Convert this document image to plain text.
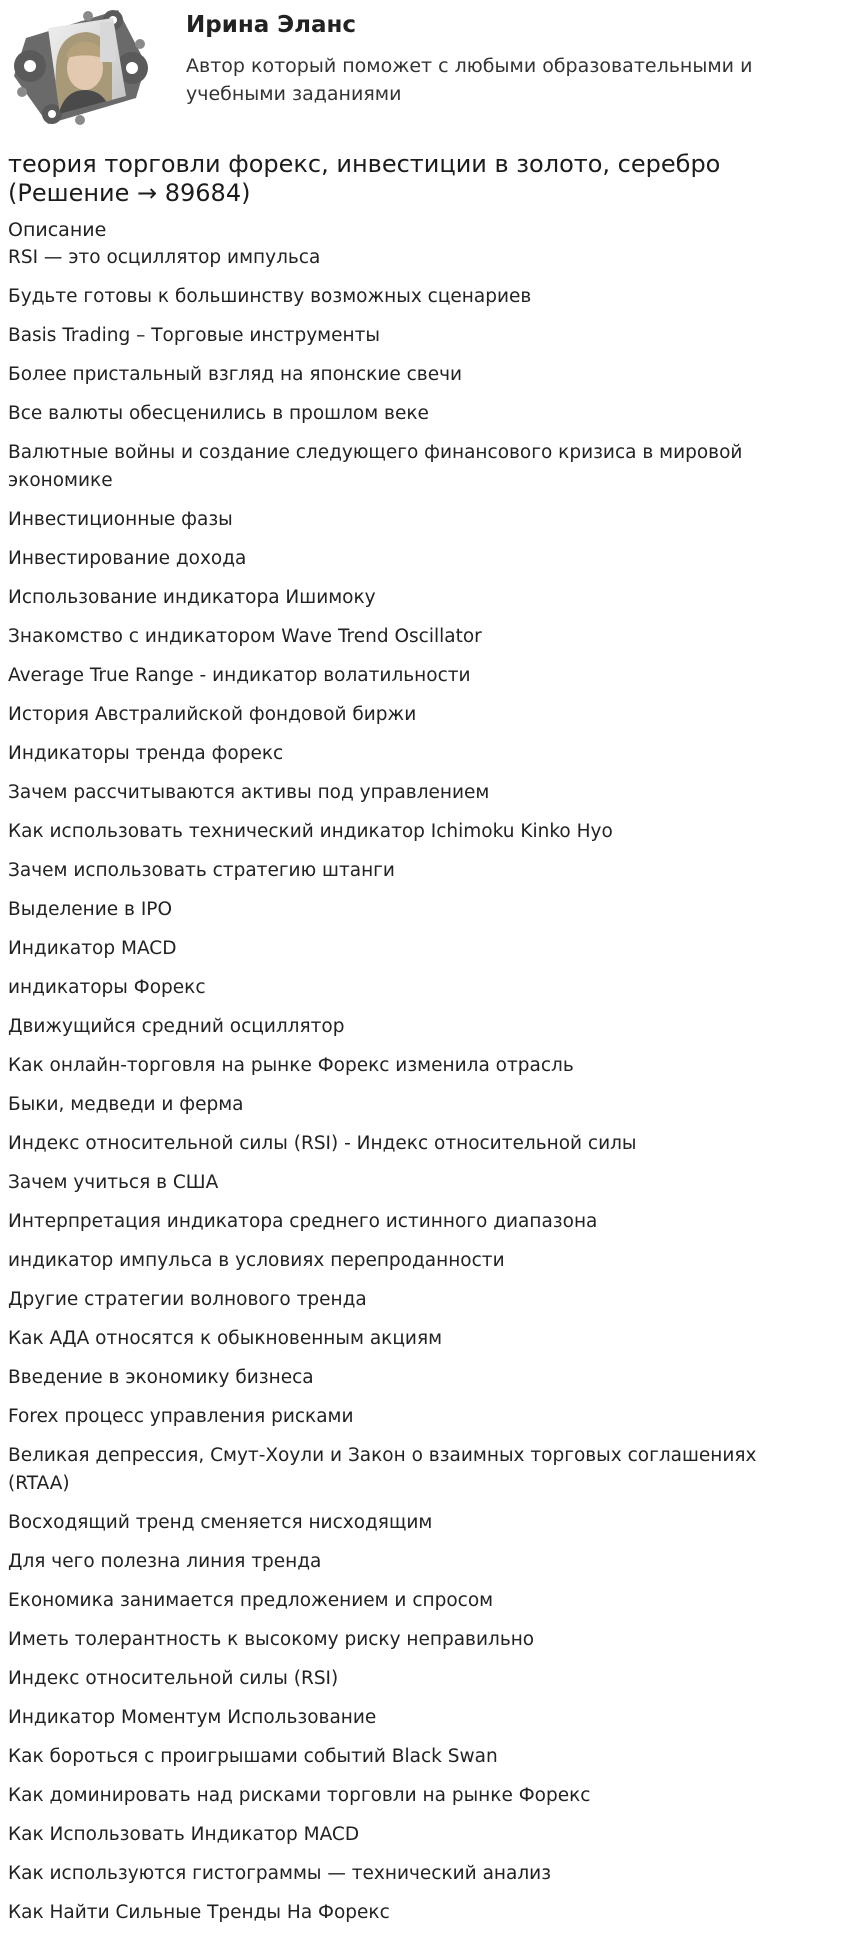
Ирина Эланс
Автор который поможет с любыми образовательными и учебными заданиями
теория торговли форекс, инвестиции в золото, серебро (Решение → 89684)
Описание
RSI — это осциллятор импульса
Будьте готовы к большинству возможных сценариев
Basis Trading – Торговые инструменты
Более пристальный взгляд на японские свечи
Все валюты обесценились в прошлом веке
Валютные войны и создание следующего финансового кризиса в мировой экономике
Инвестиционные фазы
Инвестирование дохода
Использование индикатора Ишимоку
Знакомство с индикатором Wave Trend Oscillator
Average True Range - индикатор волатильности
История Австралийской фондовой биржи
Индикаторы тренда форекс
Зачем рассчитываются активы под управлением
Как использовать технический индикатор Ichimoku Kinko Hyo
Зачем использовать стратегию штанги
Выделение в IPO
Индикатор MACD
индикаторы Форекс
Движущийся средний осциллятор
Как онлайн-торговля на рынке Форекс изменила отрасль
Быки, медведи и ферма
Индекс относительной силы (RSI) - Индекс относительной силы
Зачем учиться в США
Интерпретация индикатора среднего истинного диапазона
индикатор импульса в условиях перепроданности
Другие стратегии волнового тренда
Как АДА относятся к обыкновенным акциям
Введение в экономику бизнеса
Forex процесс управления рисками
Великая депрессия, Смут-Хоули и Закон о взаимных торговых соглашениях (RTAA)
Восходящий тренд сменяется нисходящим
Для чего полезна линия тренда
Економика занимается предложением и спросом
Иметь толерантность к высокому риску неправильно
Индекс относительной силы (RSI)
Индикатор Моментум Использование
Как бороться с проигрышами событий Black Swan
Как доминировать над рисками торговли на рынке Форекс
Как Использовать Индикатор MACD
Как используются гистограммы — технический анализ
Как Найти Сильные Тренды На Форекс
